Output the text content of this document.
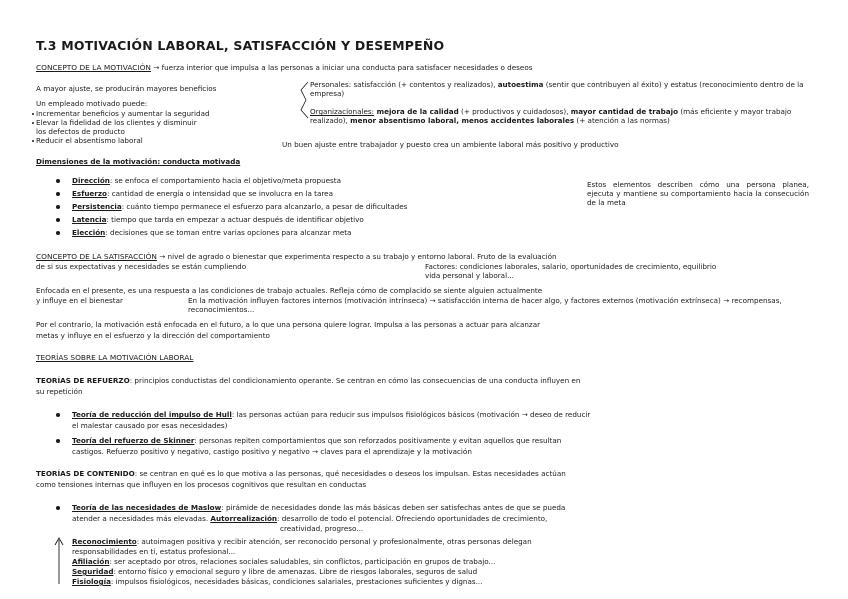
T.3 MOTIVACIÓN LABORAL, SATISFACCIÓN Y DESEMPEÑO
CONCEPTO DE LA MOTIVACIÓN → fuerza interior que impulsa a las personas a iniciar una conducta para satisfacer necesidades o deseos
A mayor ajuste, se producirán mayores beneficios
Un empleado motivado puede:
Incrementar beneficios y aumentar la seguridad
Elevar la fidelidad de los clientes y disminuir
los defectos de producto
Reducir el absentismo laboral
Personales: satisfacción (+ contentos y realizados), autoestima (sentir que contribuyen al éxito) y estatus (reconocimiento dentro de la empresa)
Organizacionales: mejora de la calidad (+ productivos y cuidadosos), mayor cantidad de trabajo (más eficiente y mayor trabajo realizado), menor absentismo laboral, menos accidentes laborales (+ atención a las normas)
Un buen ajuste entre trabajador y puesto crea un ambiente laboral más positivo y productivo
Dimensiones de la motivación: conducta motivada
Dirección: se enfoca el comportamiento hacia el objetivo/meta propuesta
Esfuerzo: cantidad de energía o intensidad que se involucra en la tarea
Persistencia: cuánto tiempo permanece el esfuerzo para alcanzarlo, a pesar de dificultades
Latencia: tiempo que tarda en empezar a actuar después de identificar objetivo
Elección: decisiones que se toman entre varias opciones para alcanzar meta
Estos elementos describen cómo una persona planea, ejecuta y mantiene su comportamiento hacia la consecución de la meta
CONCEPTO DE LA SATISFACCIÓN → nivel de agrado o bienestar que experimenta respecto a su trabajo y entorno laboral. Fruto de la evaluación
de si sus expectativas y necesidades se están cumpliendo	Factores: condiciones laborales, salario, oportunidades de crecimiento, equilibrio vida personal y laboral...
Enfocada en el presente, es una respuesta a las condiciones de trabajo actuales. Refleja cómo de complacido se siente alguien actualmente
y influye en el bienestar	En la motivación influyen factores internos (motivación intrínseca) → satisfacción interna de hacer algo, y factores externos (motivación extrínseca) → recompensas, reconocimientos...
Por el contrario, la motivación está enfocada en el futuro, a lo que una persona quiere lograr. Impulsa a las personas a actuar para alcanzar
metas y influye en el esfuerzo y la dirección del comportamiento
TEORÍAS SOBRE LA MOTIVACIÓN LABORAL
TEORÍAS DE REFUERZO: principios conductistas del condicionamiento operante. Se centran en cómo las consecuencias de una conducta influyen en
su repetición
Teoría de reducción del impulso de Hull: las personas actúan para reducir sus impulsos fisiológicos básicos (motivación → deseo de reducir
el malestar causado por esas necesidades)
Teoría del refuerzo de Skinner: personas repiten comportamientos que son reforzados positivamente y evitan aquellos que resultan
castigos. Refuerzo positivo y negativo, castigo positivo y negativo → claves para el aprendizaje y la motivación
TEORÍAS DE CONTENIDO: se centran en qué es lo que motiva a las personas, qué necesidades o deseos los impulsan. Estas necesidades actúan
como tensiones internas que influyen en los procesos cognitivos que resultan en conductas
Teoría de las necesidades de Maslow: pirámide de necesidades donde las más básicas deben ser satisfechas antes de que se pueda
atender a necesidades más elevadas. Autorrealización: desarrollo de todo el potencial. Ofreciendo oportunidades de crecimiento,
creatividad, progreso...
Reconocimiento: autoimagen positiva y recibir atención, ser reconocido personal y profesionalmente, otras personas delegan
responsabilidades en ti, estatus profesional...
Afiliación: ser aceptado por otros, relaciones sociales saludables, sin conflictos, participación en grupos de trabajo...
Seguridad: entorno físico y emocional seguro y libre de amenazas. Libre de riesgos laborales, seguros de salud
Fisiología: impulsos fisiológicos, necesidades básicas, condiciones salariales, prestaciones suficientes y dignas...
